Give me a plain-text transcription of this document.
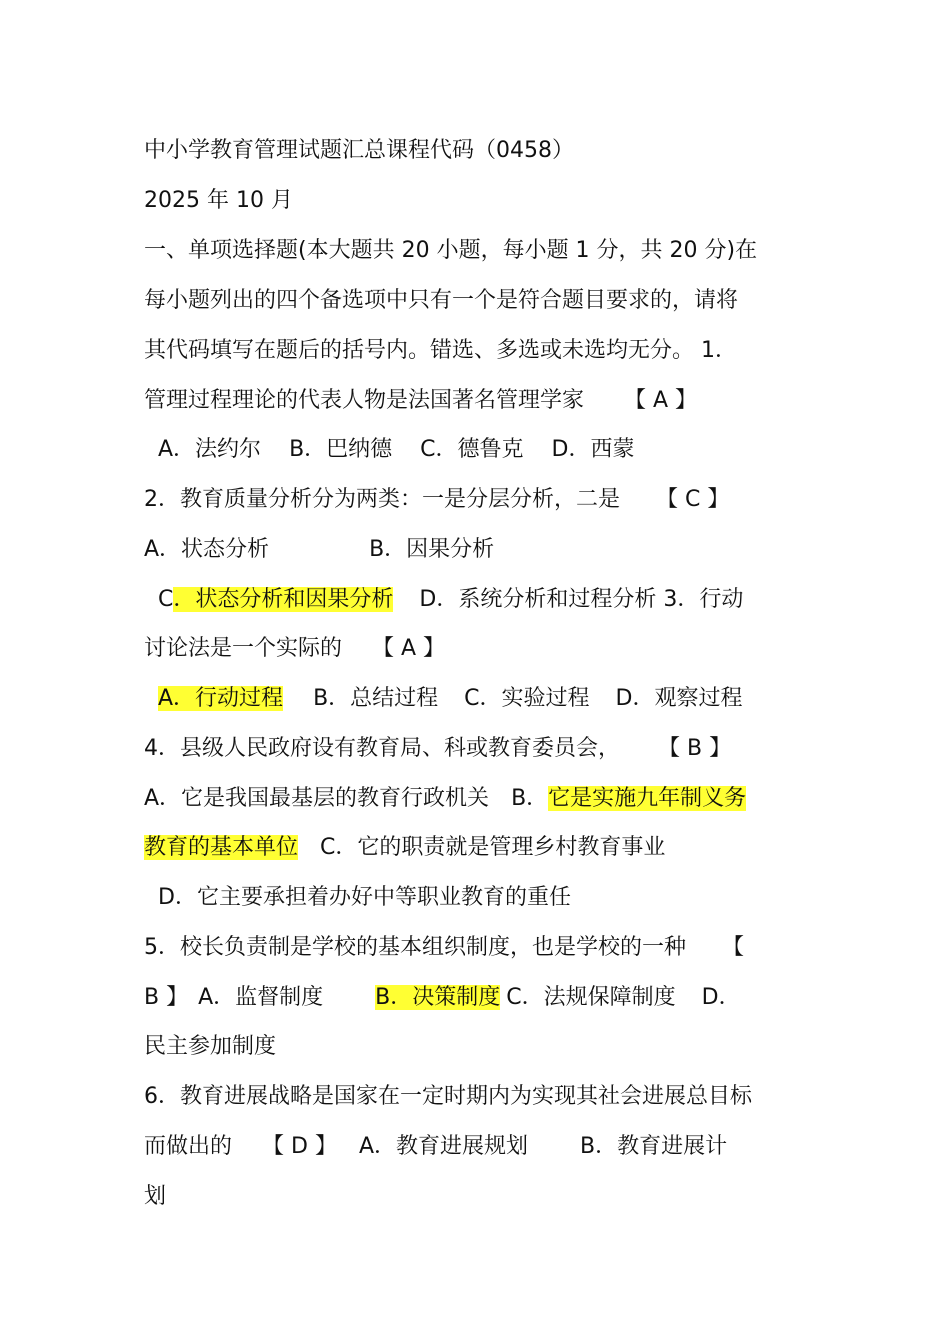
中小学教育管理试题汇总课程代码（0458）
2025 年 10 月
一、单项选择题(本大题共 20 小题，每小题 1 分，共 20 分)在
每小题列出的四个备选项中只有一个是符合题目要求的，请将
其代码填写在题后的括号内。错选、多选或未选均无分。 1．
管理过程理论的代表人物是法国著名管理学家 【 A 】
A．法约尔 B．巴纳德 C．德鲁克 D．西蒙
2．教育质量分析分为两类：一是分层分析，二是 【 C 】
A．状态分析	B．因果分析
C．状态分析和因果分析 D．系统分析和过程分析 3．行动
讨论法是一个实际的 【 A 】
A．行动过程 B．总结过程 C．实验过程 D．观察过程
4．县级人民政府设有教育局、科或教育委员会， 【 B 】
A．它是我国最基层的教育行政机关 B．它是实施九年制义务
教育的基本单位 C．它的职责就是管理乡村教育事业
D．它主要承担着办好中等职业教育的重任
5．校长负责制是学校的基本组织制度，也是学校的一种 【
B 】 A．监督制度 B．决策制度 C．法规保障制度 D．
民主参加制度
6．教育进展战略是国家在一定时期内为实现其社会进展总目标
而做出的 【 D 】 A．教育进展规划 B．教育进展计
划
